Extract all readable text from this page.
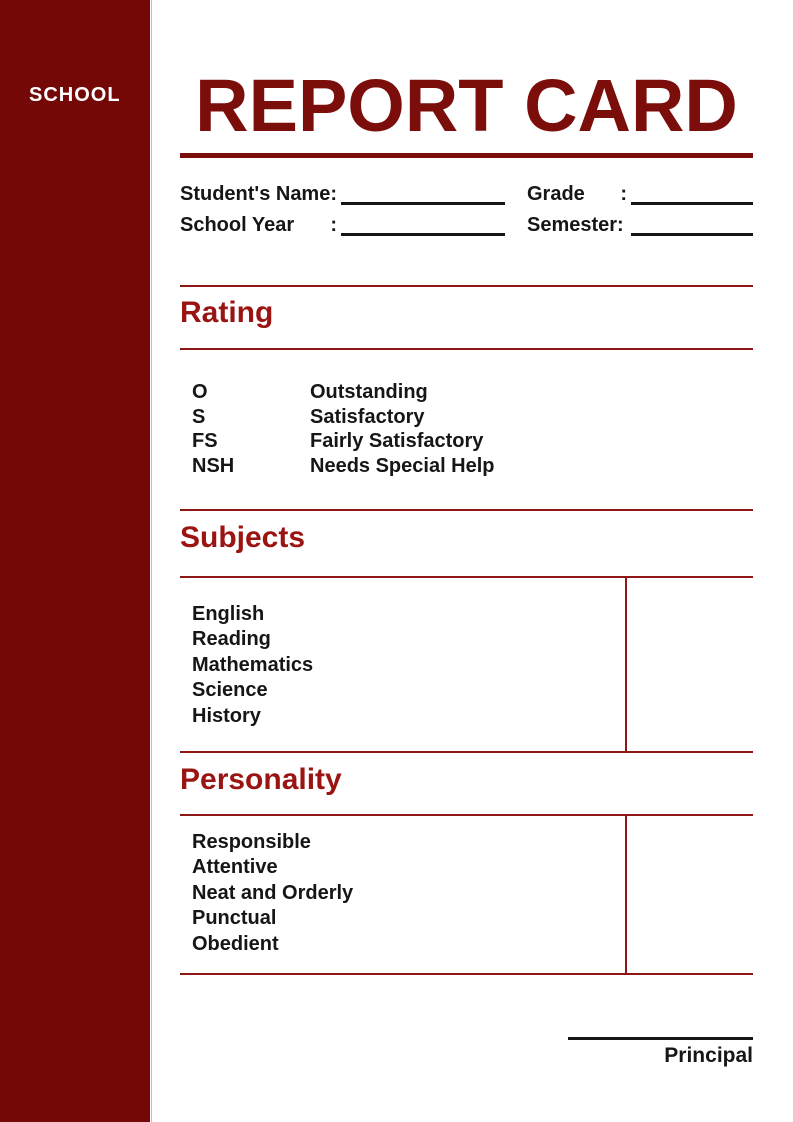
SCHOOL REPORT CARD
Student's Name:	Grade :
School Year :	Semester:
Rating
O	Outstanding
S	Satisfactory
FS	Fairly Satisfactory
NSH	Needs Special Help
Subjects
English
Reading
Mathematics
Science
History
Personality
Responsible
Attentive
Neat and Orderly
Punctual
Obedient
Principal
